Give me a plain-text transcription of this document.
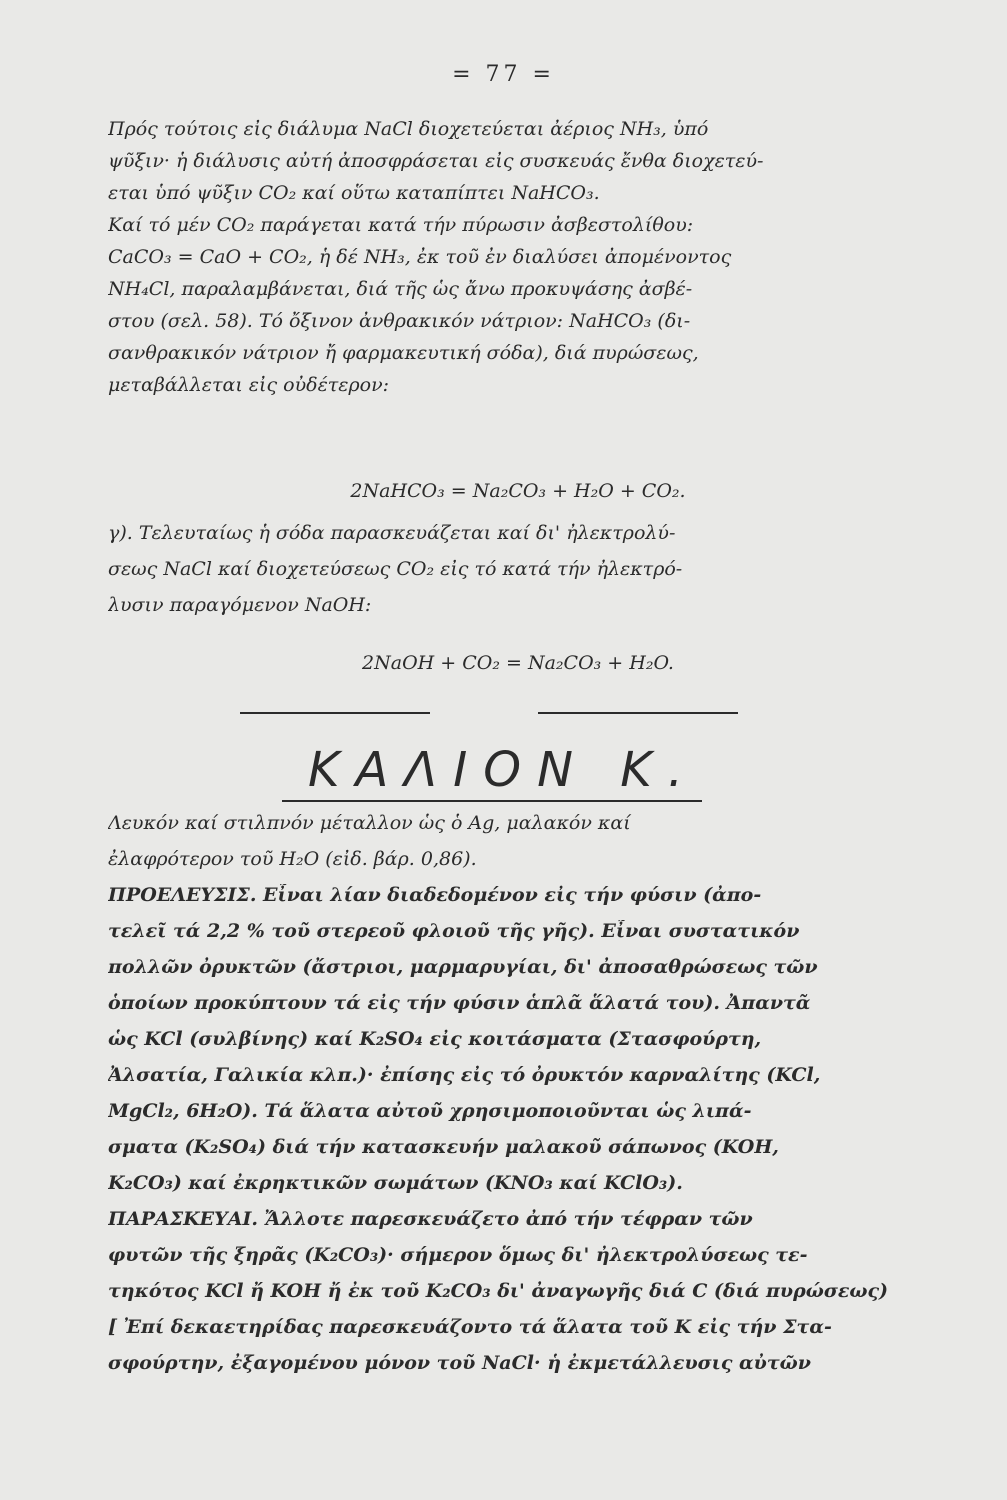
= 77 =
Πρός τούτοις εἰς διάλυμα NaCl διοχετεύεται ἀέριος NH₃, ὑπό
ψῦξιν· ἡ διάλυσις αὐτή ἀποσφράσεται εἰς συσκευάς ἔνθα διοχετεύ-
εται ὑπό ψῦξιν CO₂ καί οὕτω καταπίπτει NaHCO₃.
Καί τό μέν CO₂ παράγεται κατά τήν πύρωσιν ἀσβεστολίθου:
CaCO₃ = CaO + CO₂, ἡ δέ NH₃, ἐκ τοῦ ἐν διαλύσει ἀπομένοντος
NH₄Cl, παραλαμβάνεται, διά τῆς ὡς ἄνω προκυψάσης ἀσβέ-
στου (σελ. 58). Τό ὄξινον ἀνθρακικόν νάτριον: NaHCO₃ (δι-
σανθρακικόν νάτριον ἤ φαρμακευτική σόδα), διά πυρώσεως,
μεταβάλλεται εἰς οὐδέτερον:
2NaHCO₃ = Na₂CO₃ + H₂O + CO₂.
γ). Τελευταίως ἡ σόδα παρασκευάζεται καί δι' ἠλεκτρολύ-
σεως NaCl καί διοχετεύσεως CO₂ εἰς τό κατά τήν ἠλεκτρό-
λυσιν παραγόμενον NaOH:
2NaOH + CO₂ = Na₂CO₃ + H₂O.
ΚΑΛΙΟΝ Κ.
Λευκόν καί στιλπνόν μέταλλον ὡς ὁ Ag, μαλακόν καί
ἐλαφρότερον τοῦ H₂O (εἰδ. βάρ. 0,86).
ΠΡΟΕΛΕΥΣΙΣ. Εἶναι λίαν διαδεδομένον εἰς τήν φύσιν (ἀπο-
τελεῖ τά 2,2 % τοῦ στερεοῦ φλοιοῦ τῆς γῆς). Εἶναι συστατικόν
πολλῶν ὀρυκτῶν (ἄστριοι, μαρμαρυγίαι, δι' ἀποσαθρώσεως τῶν
ὁποίων προκύπτουν τά εἰς τήν φύσιν ἁπλᾶ ἅλατά του). Ἀπαντᾶ
ὡς KCl (συλβίνης) καί K₂SO₄ εἰς κοιτάσματα (Στασφούρτη,
Ἀλσατία, Γαλικία κλπ.)· ἐπίσης εἰς τό ὀρυκτόν καρναλίτης (KCl,
MgCl₂, 6H₂O). Τά ἅλατα αὐτοῦ χρησιμοποιοῦνται ὡς λιπά-
σματα (K₂SO₄) διά τήν κατασκευήν μαλακοῦ σάπωνος (KOH,
K₂CO₃) καί ἐκρηκτικῶν σωμάτων (KNO₃ καί KClO₃).
ΠΑΡΑΣΚΕΥΑΙ. Ἄλλοτε παρεσκευάζετο ἀπό τήν τέφραν τῶν
φυτῶν τῆς ξηρᾶς (K₂CO₃)· σήμερον ὅμως δι' ἠλεκτρολύσεως τε-
τηκότος KCl ἤ KOH ἤ ἐκ τοῦ K₂CO₃ δι' ἀναγωγῆς διά C (διά πυρώσεως)
[ Ἐπί δεκαετηρίδας παρεσκευάζοντο τά ἅλατα τοῦ K εἰς τήν Στα-
σφούρτην, ἐξαγομένου μόνον τοῦ NaCl· ἡ ἐκμετάλλευσις αὐτῶν
